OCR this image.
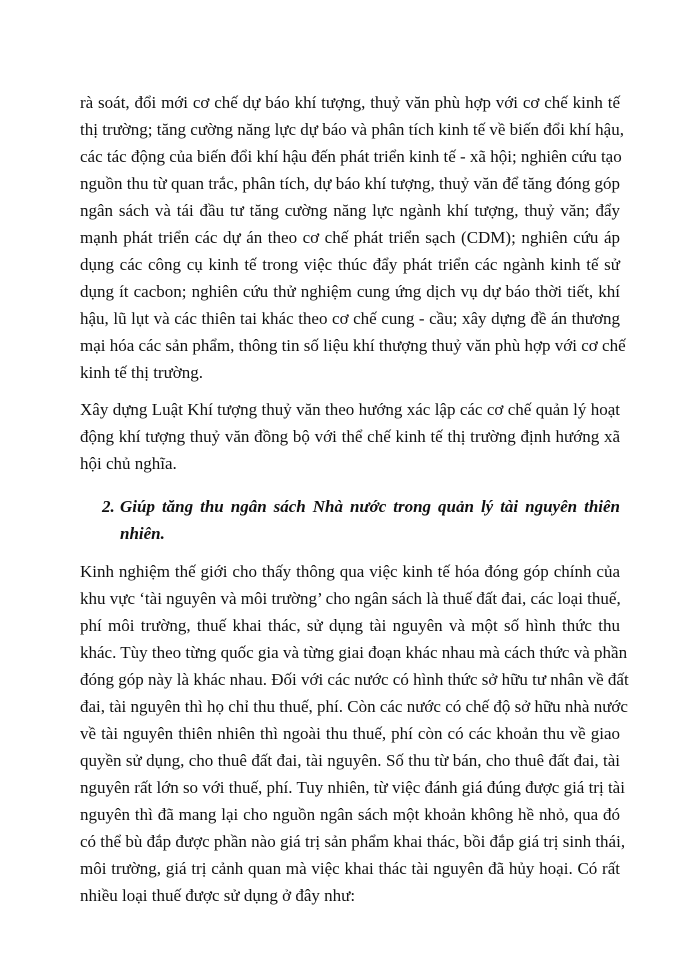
rà soát, đổi mới cơ chế dự báo khí tượng, thuỷ văn phù hợp với cơ chế kinh tế

thị trường; tăng cường năng lực dự báo và phân tích kinh tế về biến đổi khí hậu,

các tác động của biến đổi khí hậu đến phát triển kinh tế - xã hội; nghiên cứu tạo

nguồn thu từ quan trắc, phân tích, dự báo khí tượng, thuỷ văn để tăng đóng góp

ngân sách và tái đầu tư tăng cường năng lực ngành khí tượng, thuỷ văn; đẩy

mạnh phát triển các dự án theo cơ chế phát triển sạch (CDM); nghiên cứu áp

dụng các công cụ kinh tế trong việc thúc đẩy phát triển các ngành kinh tế sử

dụng ít cacbon; nghiên cứu thử nghiệm cung ứng dịch vụ dự báo thời tiết, khí

hậu, lũ lụt và các thiên tai khác theo cơ chế cung - cầu; xây dựng đề án thương

mại hóa các sản phẩm, thông tin số liệu khí thượng thuỷ văn phù hợp với cơ chế

kinh tế thị trường.

Xây dựng Luật Khí tượng thuỷ văn theo hướng xác lập các cơ chế quản lý hoạt

động khí tượng thuỷ văn đồng bộ với thể chế kinh tế thị trường định hướng xã

hội chủ nghĩa.

2. Giúp tăng thu ngân sách Nhà nước trong quản lý tài nguyên thiên

nhiên.

Kinh nghiệm thế giới cho thấy thông qua việc kinh tế hóa đóng góp chính của

khu vực ‘tài nguyên và môi trường’ cho ngân sách là thuế đất đai, các loại thuế,

phí môi trường, thuế khai thác, sử dụng tài nguyên và một số hình thức thu

khác. Tùy theo từng quốc gia và từng giai đoạn khác nhau mà cách thức và phần

đóng góp này là khác nhau. Đối với các nước có hình thức sở hữu tư nhân về đất

đai, tài nguyên thì họ chỉ thu thuế, phí. Còn các nước có chế độ sở hữu nhà nước

về tài nguyên thiên nhiên thì ngoài thu thuế, phí còn có các khoản thu về giao

quyền sử dụng, cho thuê đất đai, tài nguyên. Số thu từ bán, cho thuê đất đai, tài

nguyên rất lớn so với thuế, phí. Tuy nhiên, từ việc đánh giá đúng được giá trị tài

nguyên thì đã mang lại cho nguồn ngân sách một khoản không hề nhỏ, qua đó

có thể bù đắp được phần nào giá trị sản phẩm khai thác, bồi đắp giá trị sinh thái,

môi trường, giá trị cảnh quan mà việc khai thác tài nguyên đã hủy hoại. Có rất

nhiều loại thuế được sử dụng ở đây như:
